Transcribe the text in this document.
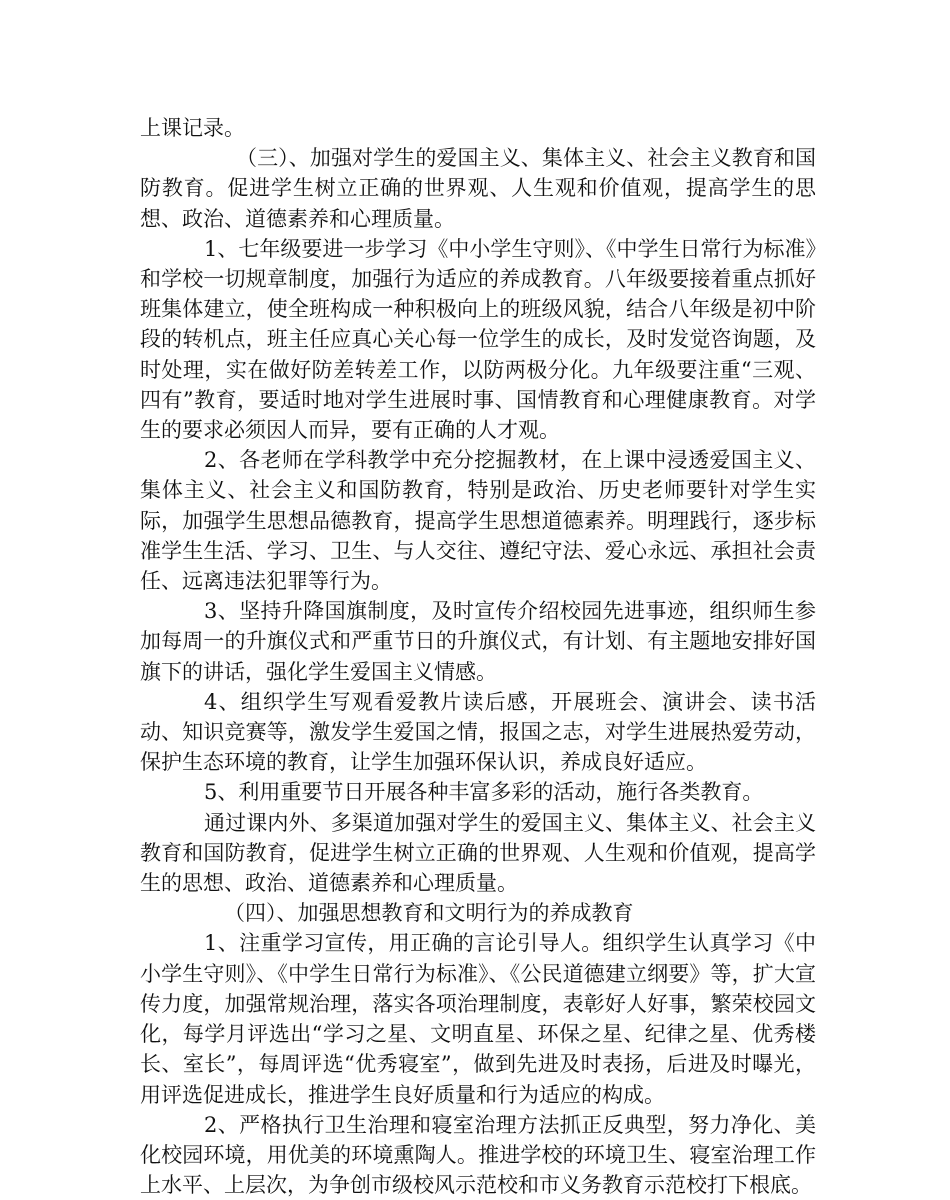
上课记录。

（三）、加强对学生的爱国主义、集体主义、社会主义教育和国防教育。促进学生树立正确的世界观、人生观和价值观，提高学生的思想、政治、道德素养和心理质量。

1、七年级要进一步学习《中小学生守则》、《中学生日常行为标准》和学校一切规章制度，加强行为适应的养成教育。八年级要接着重点抓好班集体建立，使全班构成一种积极向上的班级风貌，结合八年级是初中阶段的转机点，班主任应真心关心每一位学生的成长，及时发觉咨询题，及时处理，实在做好防差转差工作，以防两极分化。九年级要注重“三观、四有”教育，要适时地对学生进展时事、国情教育和心理健康教育。对学生的要求必须因人而异，要有正确的人才观。

2、各老师在学科教学中充分挖掘教材，在上课中浸透爱国主义、集体主义、社会主义和国防教育，特别是政治、历史老师要针对学生实际，加强学生思想品德教育，提高学生思想道德素养。明理践行，逐步标准学生生活、学习、卫生、与人交往、遵纪守法、爱心永远、承担社会责任、远离违法犯罪等行为。

3、坚持升降国旗制度，及时宣传介绍校园先进事迹，组织师生参加每周一的升旗仪式和严重节日的升旗仪式，有计划、有主题地安排好国旗下的讲话，强化学生爱国主义情感。

4、组织学生写观看爱教片读后感，开展班会、演讲会、读书活动、知识竞赛等，激发学生爱国之情，报国之志，对学生进展热爱劳动，保护生态环境的教育，让学生加强环保认识，养成良好适应。

5、利用重要节日开展各种丰富多彩的活动，施行各类教育。

通过课内外、多渠道加强对学生的爱国主义、集体主义、社会主义教育和国防教育，促进学生树立正确的世界观、人生观和价值观，提高学生的思想、政治、道德素养和心理质量。

（四）、加强思想教育和文明行为的养成教育

1、注重学习宣传，用正确的言论引导人。组织学生认真学习《中小学生守则》、《中学生日常行为标准》、《公民道德建立纲要》等，扩大宣传力度，加强常规治理，落实各项治理制度，表彰好人好事，繁荣校园文化，每学月评选出“学习之星、文明直星、环保之星、纪律之星、优秀楼长、室长”，每周评选“优秀寝室”，做到先进及时表扬，后进及时曝光，用评选促进成长，推进学生良好质量和行为适应的构成。

2、严格执行卫生治理和寝室治理方法抓正反典型，努力净化、美化校园环境，用优美的环境熏陶人。推进学校的环境卫生、寝室治理工作上水平、上层次，为争创市级校风示范校和市义务教育示范校打下根底。
